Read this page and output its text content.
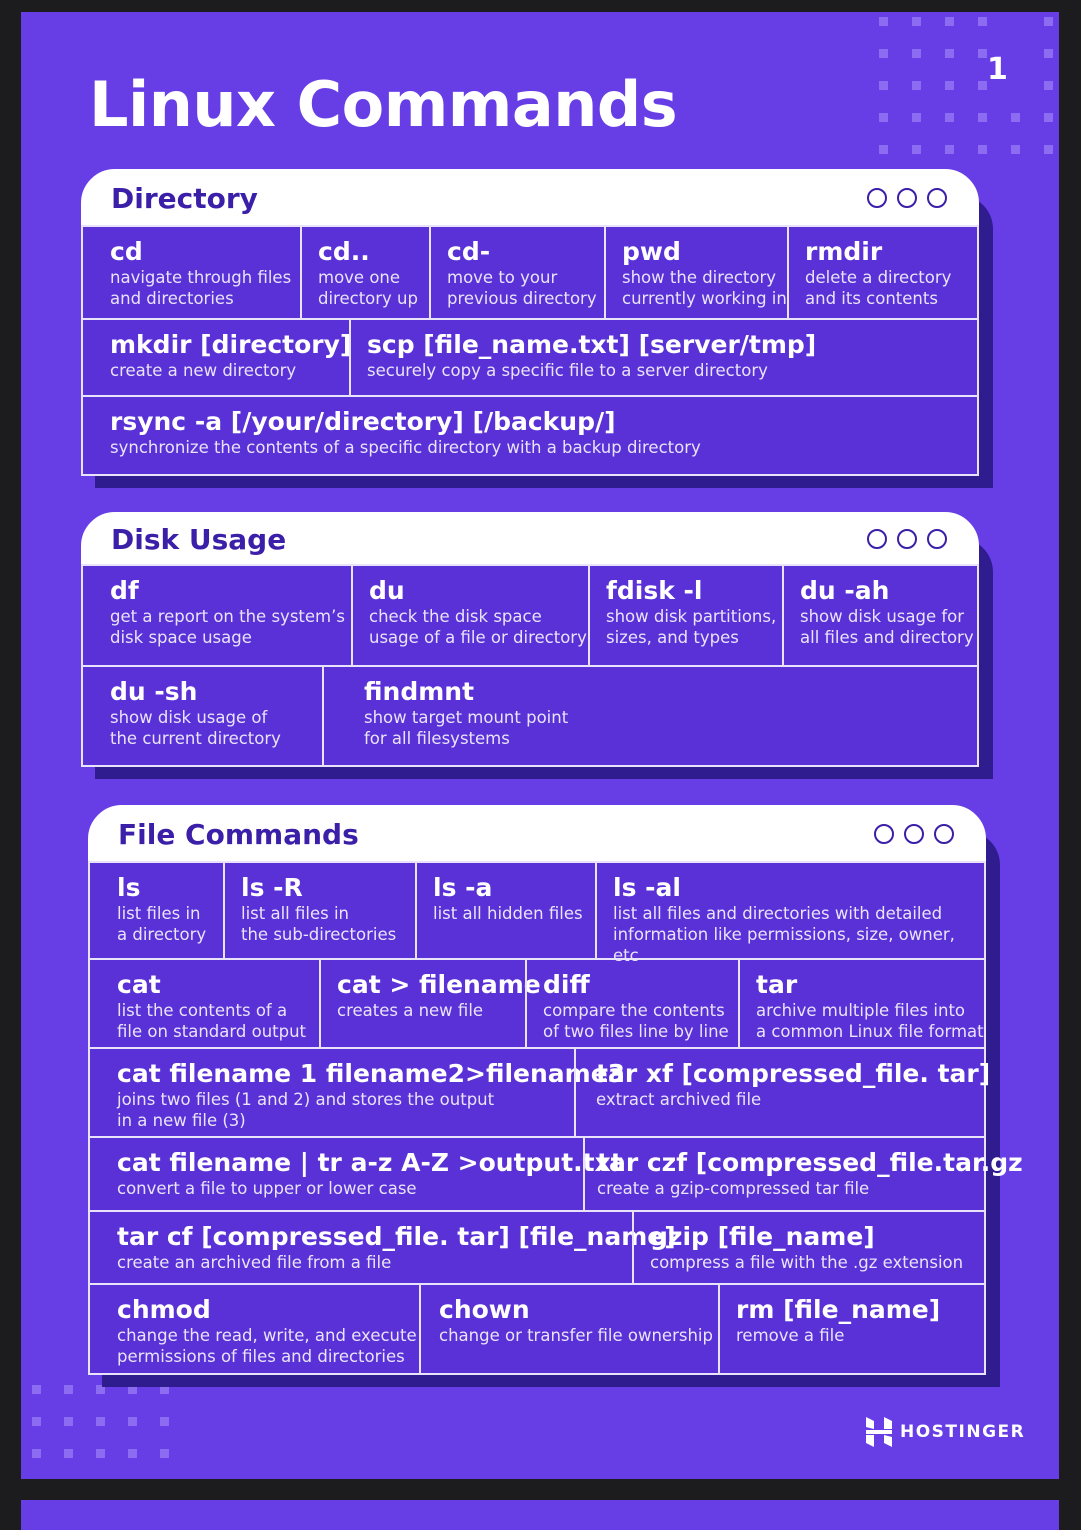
Linux Commands	1
Directory
cd
navigate through files
and directories
cd..
move one
directory up
cd-
move to your
previous directory
pwd
show the directory
currently working in
rmdir
delete a directory
and its contents
mkdir [directory]
create a new directory
scp [file_name.txt] [server/tmp]
securely copy a specific file to a server directory
rsync -a [/your/directory] [/backup/]
synchronize the contents of a specific directory with a backup directory
Disk Usage
df
get a report on the system’s
disk space usage
du
check the disk space
usage of a file or directory
fdisk -l
show disk partitions,
sizes, and types
du -ah
show disk usage for
all files and directory
du -sh
show disk usage of
the current directory
findmnt
show target mount point
for all filesystems
File Commands
ls
list files in
a directory
ls -R
list all files in
the sub-directories
ls -a
list all hidden files
ls -al
list all files and directories with detailed
information like permissions, size, owner, etc
cat
list the contents of a
file on standard output
cat > filename
creates a new file
diff
compare the contents
of two files line by line
tar
archive multiple files into
a common Linux file format
cat filename 1 filename2>filename3
joins two files (1 and 2) and stores the output
in a new file (3)
tar xf [compressed_file. tar]
extract archived file
cat filename | tr a-z A-Z >output.txt
convert a file to upper or lower case
tar czf [compressed_file.tar.gz
create a gzip-compressed tar file
tar cf [compressed_file. tar] [file_name]
create an archived file from a file
gzip [file_name]
compress a file with the .gz extension
chmod
change the read, write, and execute
permissions of files and directories
chown
change or transfer file ownership
rm [file_name]
remove a file
HOSTINGER
